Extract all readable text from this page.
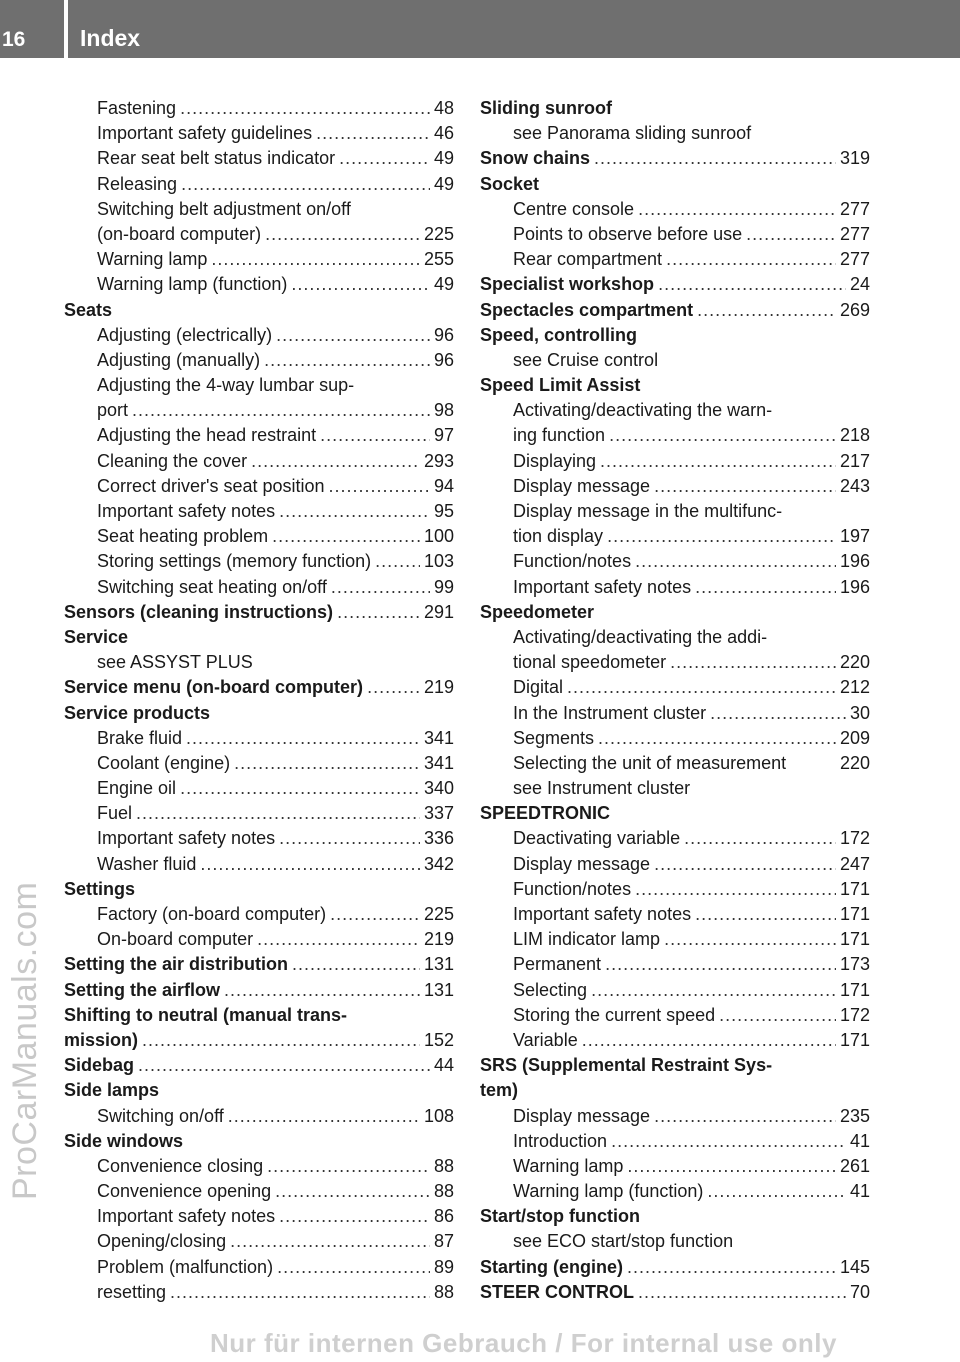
16	Index
Fastening . . .	48
Important safety guidelines . . .	46
Rear seat belt status indicator . . .	49
Releasing . . .	49
Switching belt adjustment on/off
(on-board computer) . . .	225
Warning lamp . . .	255
Warning lamp (function) . . .	49
Seats
Adjusting (electrically) . . .	96
Adjusting (manually) . . .	96
Adjusting the 4-way lumbar sup-
port . . .	98
Adjusting the head restraint . . .	97
Cleaning the cover . . .	293
Correct driver's seat position . . .	94
Important safety notes . . .	95
Seat heating problem . . .	100
Storing settings (memory function) . . .	103
Switching seat heating on/off . . .	99
Sensors (cleaning instructions) . . .	291
Service
see ASSYST PLUS
Service menu (on-board computer) . . .	219
Service products
Brake fluid . . .	341
Coolant (engine) . . .	341
Engine oil . . .	340
Fuel . . .	337
Important safety notes . . .	336
Washer fluid . . .	342
Settings
Factory (on-board computer) . . .	225
On-board computer . . .	219
Setting the air distribution . . .	131
Setting the airflow . . .	131
Shifting to neutral (manual trans-
mission) . . .	152
Sidebag . . .	44
Side lamps
Switching on/off . . .	108
Side windows
Convenience closing . . .	88
Convenience opening . . .	88
Important safety notes . . .	86
Opening/closing . . .	87
Problem (malfunction) . . .	89
resetting . . .	88
Sliding sunroof
see Panorama sliding sunroof
Snow chains . . .	319
Socket
Centre console . . .	277
Points to observe before use . . .	277
Rear compartment . . .	277
Specialist workshop . . .	24
Spectacles compartment . . .	269
Speed, controlling
see Cruise control
Speed Limit Assist
Activating/deactivating the warn-
ing function . . .	218
Displaying . . .	217
Display message . . .	243
Display message in the multifunc-
tion display . . .	197
Function/notes . . .	196
Important safety notes . . .	196
Speedometer
Activating/deactivating the addi-
tional speedometer . . .	220
Digital . . .	212
In the Instrument cluster . . .	30
Segments . . .	209
Selecting the unit of measurement	220
see Instrument cluster
SPEEDTRONIC
Deactivating variable . . .	172
Display message . . .	247
Function/notes . . .	171
Important safety notes . . .	171
LIM indicator lamp . . .	171
Permanent . . .	173
Selecting . . .	171
Storing the current speed . . .	172
Variable . . .	171
SRS (Supplemental Restraint Sys-
tem)
Display message . . .	235
Introduction . . .	41
Warning lamp . . .	261
Warning lamp (function) . . .	41
Start/stop function
see ECO start/stop function
Starting (engine) . . .	145
STEER CONTROL . . .	70
ProCarManuals.com
Nur für internen Gebrauch / For internal use only
